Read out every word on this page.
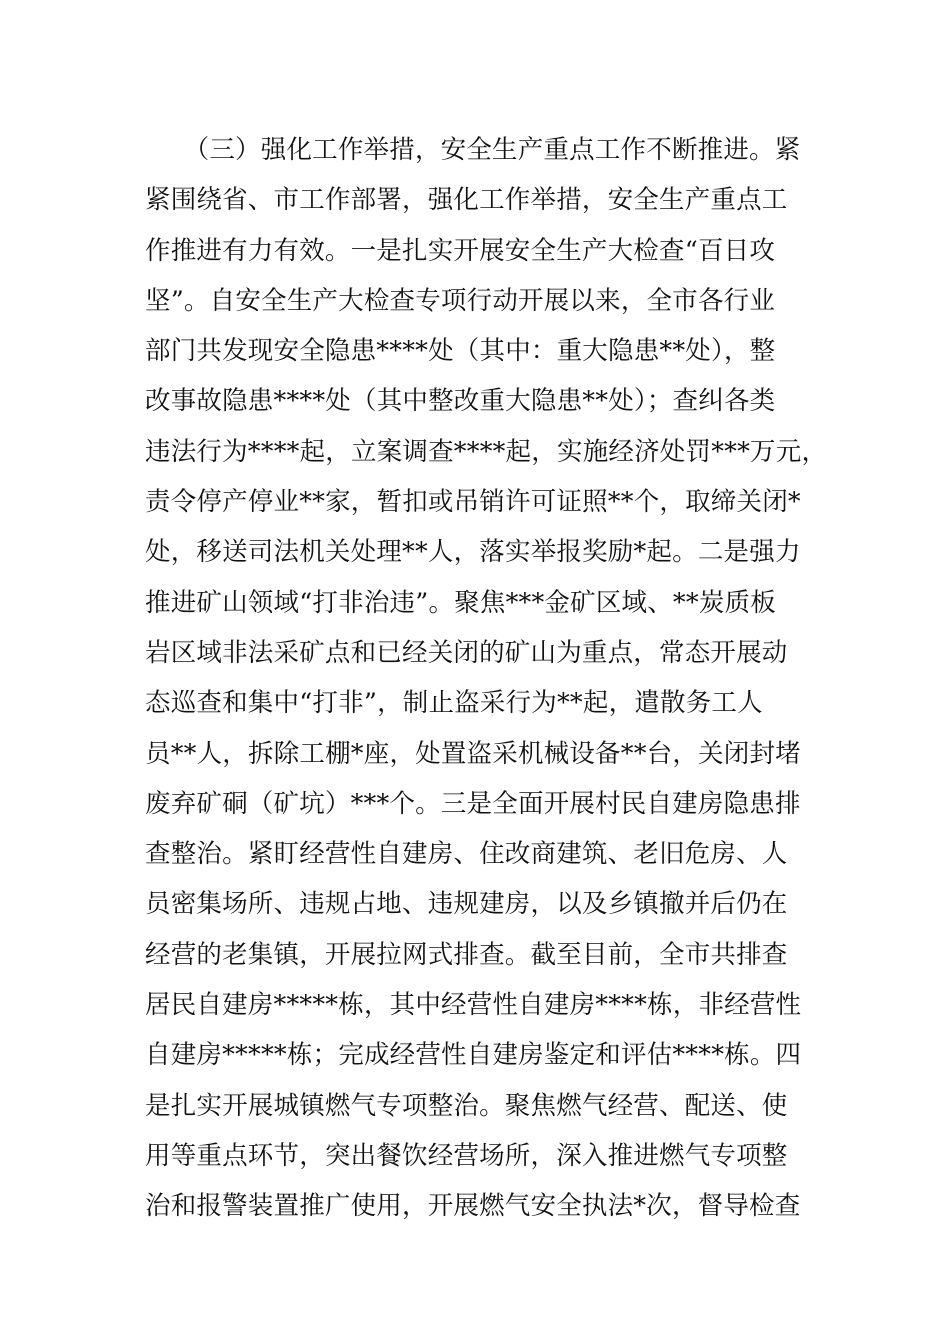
　　（三）强化工作举措，安全生产重点工作不断推进。紧
紧围绕省、市工作部署，强化工作举措，安全生产重点工
作推进有力有效。一是扎实开展安全生产大检查“百日攻
坚”。自安全生产大检查专项行动开展以来，全市各行业
部门共发现安全隐患****处（其中：重大隐患**处），整
改事故隐患****处（其中整改重大隐患**处）；查纠各类
违法行为****起，立案调查****起，实施经济处罚***万元，
责令停产停业**家，暂扣或吊销许可证照**个，取缔关闭*
处，移送司法机关处理**人，落实举报奖励*起。二是强力
推进矿山领域“打非治违”。聚焦***金矿区域、**炭质板
岩区域非法采矿点和已经关闭的矿山为重点，常态开展动
态巡查和集中“打非”，制止盗采行为**起，遣散务工人
员**人，拆除工棚*座，处置盗采机械设备**台，关闭封堵
废弃矿硐（矿坑）***个。三是全面开展村民自建房隐患排
查整治。紧盯经营性自建房、住改商建筑、老旧危房、人
员密集场所、违规占地、违规建房，以及乡镇撤并后仍在
经营的老集镇，开展拉网式排查。截至目前，全市共排查
居民自建房*****栋，其中经营性自建房****栋，非经营性
自建房*****栋；完成经营性自建房鉴定和评估****栋。四
是扎实开展城镇燃气专项整治。聚焦燃气经营、配送、使
用等重点环节，突出餐饮经营场所，深入推进燃气专项整
治和报警装置推广使用，开展燃气安全执法*次，督导检查
